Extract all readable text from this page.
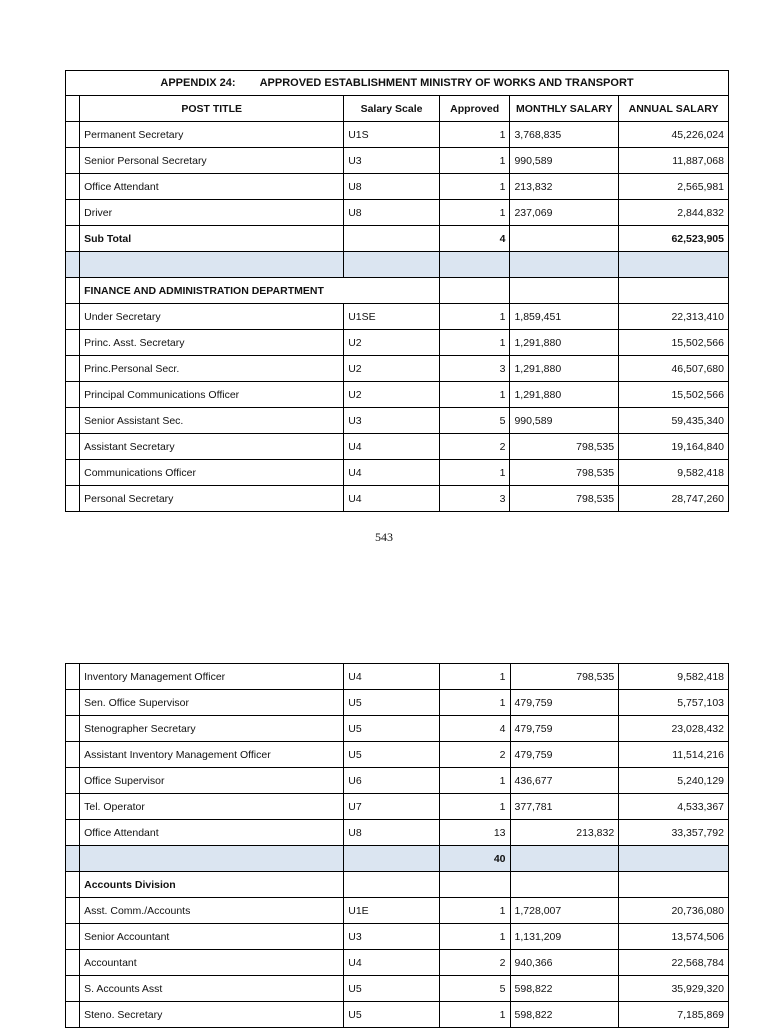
APPENDIX 24: APPROVED ESTABLISHMENT MINISTRY OF WORKS AND TRANSPORT					
	POST TITLE	Salary Scale	Approved	MONTHLY SALARY	ANNUAL SALARY
	Permanent Secretary	U1S	1	3,768,835	45,226,024
	Senior Personal Secretary	U3	1	990,589	11,887,068
	Office Attendant	U8	1	213,832	2,565,981
	Driver	U8	1	237,069	2,844,832
	Sub Total		4		62,523,905

	FINANCE AND ADMINISTRATION DEPARTMENT				
	Under Secretary	U1SE	1	1,859,451	22,313,410
	Princ. Asst. Secretary	U2	1	1,291,880	15,502,566
	Princ.Personal Secr.	U2	3	1,291,880	46,507,680
	Principal Communications Officer	U2	1	1,291,880	15,502,566
	Senior Assistant Sec.	U3	5	990,589	59,435,340
	Assistant Secretary	U4	2	798,535	19,164,840
	Communications Officer	U4	1	798,535	9,582,418
	Personal Secretary	U4	3	798,535	28,747,260
543
	Inventory Management Officer	U4	1	798,535	9,582,418
	Sen. Office Supervisor	U5	1	479,759	5,757,103
	Stenographer Secretary	U5	4	479,759	23,028,432
	Assistant Inventory Management Officer	U5	2	479,759	11,514,216
	Office Supervisor	U6	1	436,677	5,240,129
	Tel. Operator	U7	1	377,781	4,533,367
	Office Attendant	U8	13	213,832	33,357,792
			40		
	Accounts Division				
	Asst. Comm./Accounts	U1E	1	1,728,007	20,736,080
	Senior Accountant	U3	1	1,131,209	13,574,506
	Accountant	U4	2	940,366	22,568,784
	S. Accounts Asst	U5	5	598,822	35,929,320
	Steno. Secretary	U5	1	598,822	7,185,869
